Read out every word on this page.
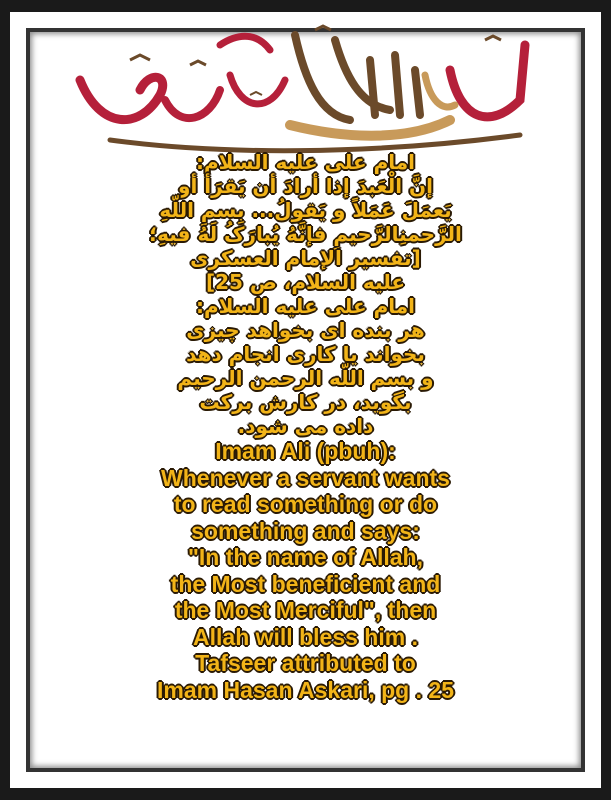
امام علی علیه السلام:
إنَّ الْعَبدَ إذا أرادَ أن یَقرَأ أو
یَعمَلَ عَمَلاً و یَقولُ... بِسمِ اللّهِ
الرَّحمنِالرَّحیمِ فإنَّهُ یُبارَکُ لَهُ فیهِ؛
[تفسیر الإمام العسکری
علیه السلام، ص 25]
امام علی علیه السلام:
هر بنده ای بخواهد چیزی
بخواند یا کاری انجام دهد
و بسم اللّه الرحمن الرحیم
بگوید، در کارش برکت
داده می شود.
Imam Ali (pbuh):
Whenever a servant wants
to read something or do
something and says:
"In the name of Allah,
the Most beneficient and
the Most Merciful", then
Allah will bless him .
Tafseer attributed to
Imam Hasan Askari, pg . 25
